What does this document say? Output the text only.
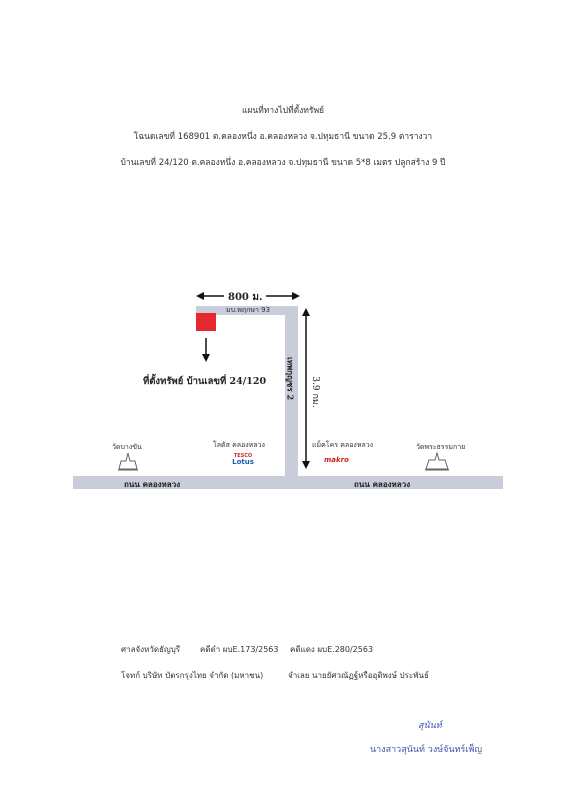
แผนที่ทางไปที่ตั้งทรัพย์
โฉนดเลขที่ 168901 ต.คลองหนึ่ง อ.คลองหลวง จ.ปทุมธานี ขนาด 25.9 ตารางวา
บ้านเลขที่ 24/120 ต.คลองหนึ่ง อ.คลองหลวง จ.ปทุมธานี ขนาด 5*8 เมตร ปลูกสร้าง 9 ปี
800 ม.
มบ.พฤกษา 93
เทพกุญชร 2 3.9 กม.
ที่ตั้งทรัพย์ บ้านเลขที่ 24/120
ถนน คลองหลวง	ถนน คลองหลวง
วัดบางขัน	โลตัส คลองหลวง
TESCO
Lotus
แม็คโคร คลองหลวง
makro
วัดพระธรรมกาย
ศาลจังหวัดธัญบุรี คดีดำ ผบE.173/2563 คดีแดง ผบE.280/2563
โจทก์ บริษัท บัตรกรุงไทย จำกัด (มหาชน)	จำเลย นายยัศวณัฏฐ์หรืออุดิพงษ์ ประพันธ์
สุนันท์
นางสาวสุนันท์ วงษ์จันทร์เพ็ญ
